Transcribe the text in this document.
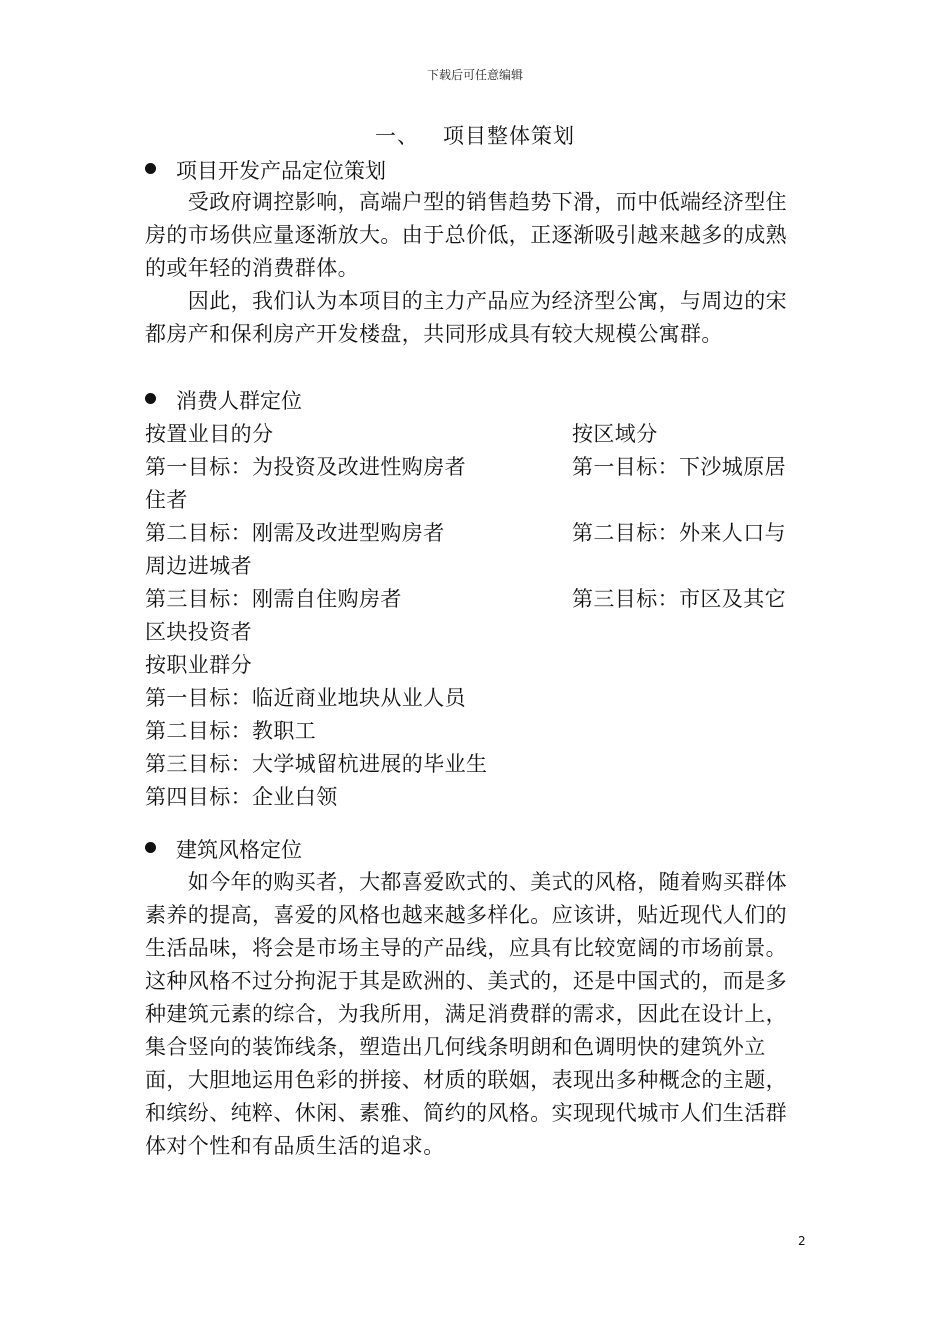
下载后可任意编辑
一、 项目整体策划
项目开发产品定位策划
　　受政府调控影响，高端户型的销售趋势下滑，而中低端经济型住房的市场供应量逐渐放大。由于总价低，正逐渐吸引越来越多的成熟的或年轻的消费群体。
　　因此，我们认为本项目的主力产品应为经济型公寓，与周边的宋都房产和保利房产开发楼盘，共同形成具有较大规模公寓群。
消费人群定位
按置业目的分	按区域分
第一目标：为投资及改进性购房者	第一目标：下沙城原居
住者
第二目标：刚需及改进型购房者	第二目标：外来人口与
周边进城者
第三目标：刚需自住购房者	第三目标：市区及其它
区块投资者
按职业群分
第一目标：临近商业地块从业人员
第二目标：教职工
第三目标：大学城留杭进展的毕业生
第四目标：企业白领
建筑风格定位
　　如今年的购买者，大都喜爱欧式的、美式的风格，随着购买群体素养的提高，喜爱的风格也越来越多样化。应该讲，贴近现代人们的生活品味，将会是市场主导的产品线，应具有比较宽阔的市场前景。这种风格不过分拘泥于其是欧洲的、美式的，还是中国式的，而是多种建筑元素的综合，为我所用，满足消费群的需求，因此在设计上，集合竖向的装饰线条，塑造出几何线条明朗和色调明快的建筑外立面，大胆地运用色彩的拼接、材质的联姻，表现出多种概念的主题，和缤纷、纯粹、休闲、素雅、简约的风格。实现现代城市人们生活群体对个性和有品质生活的追求。
2
